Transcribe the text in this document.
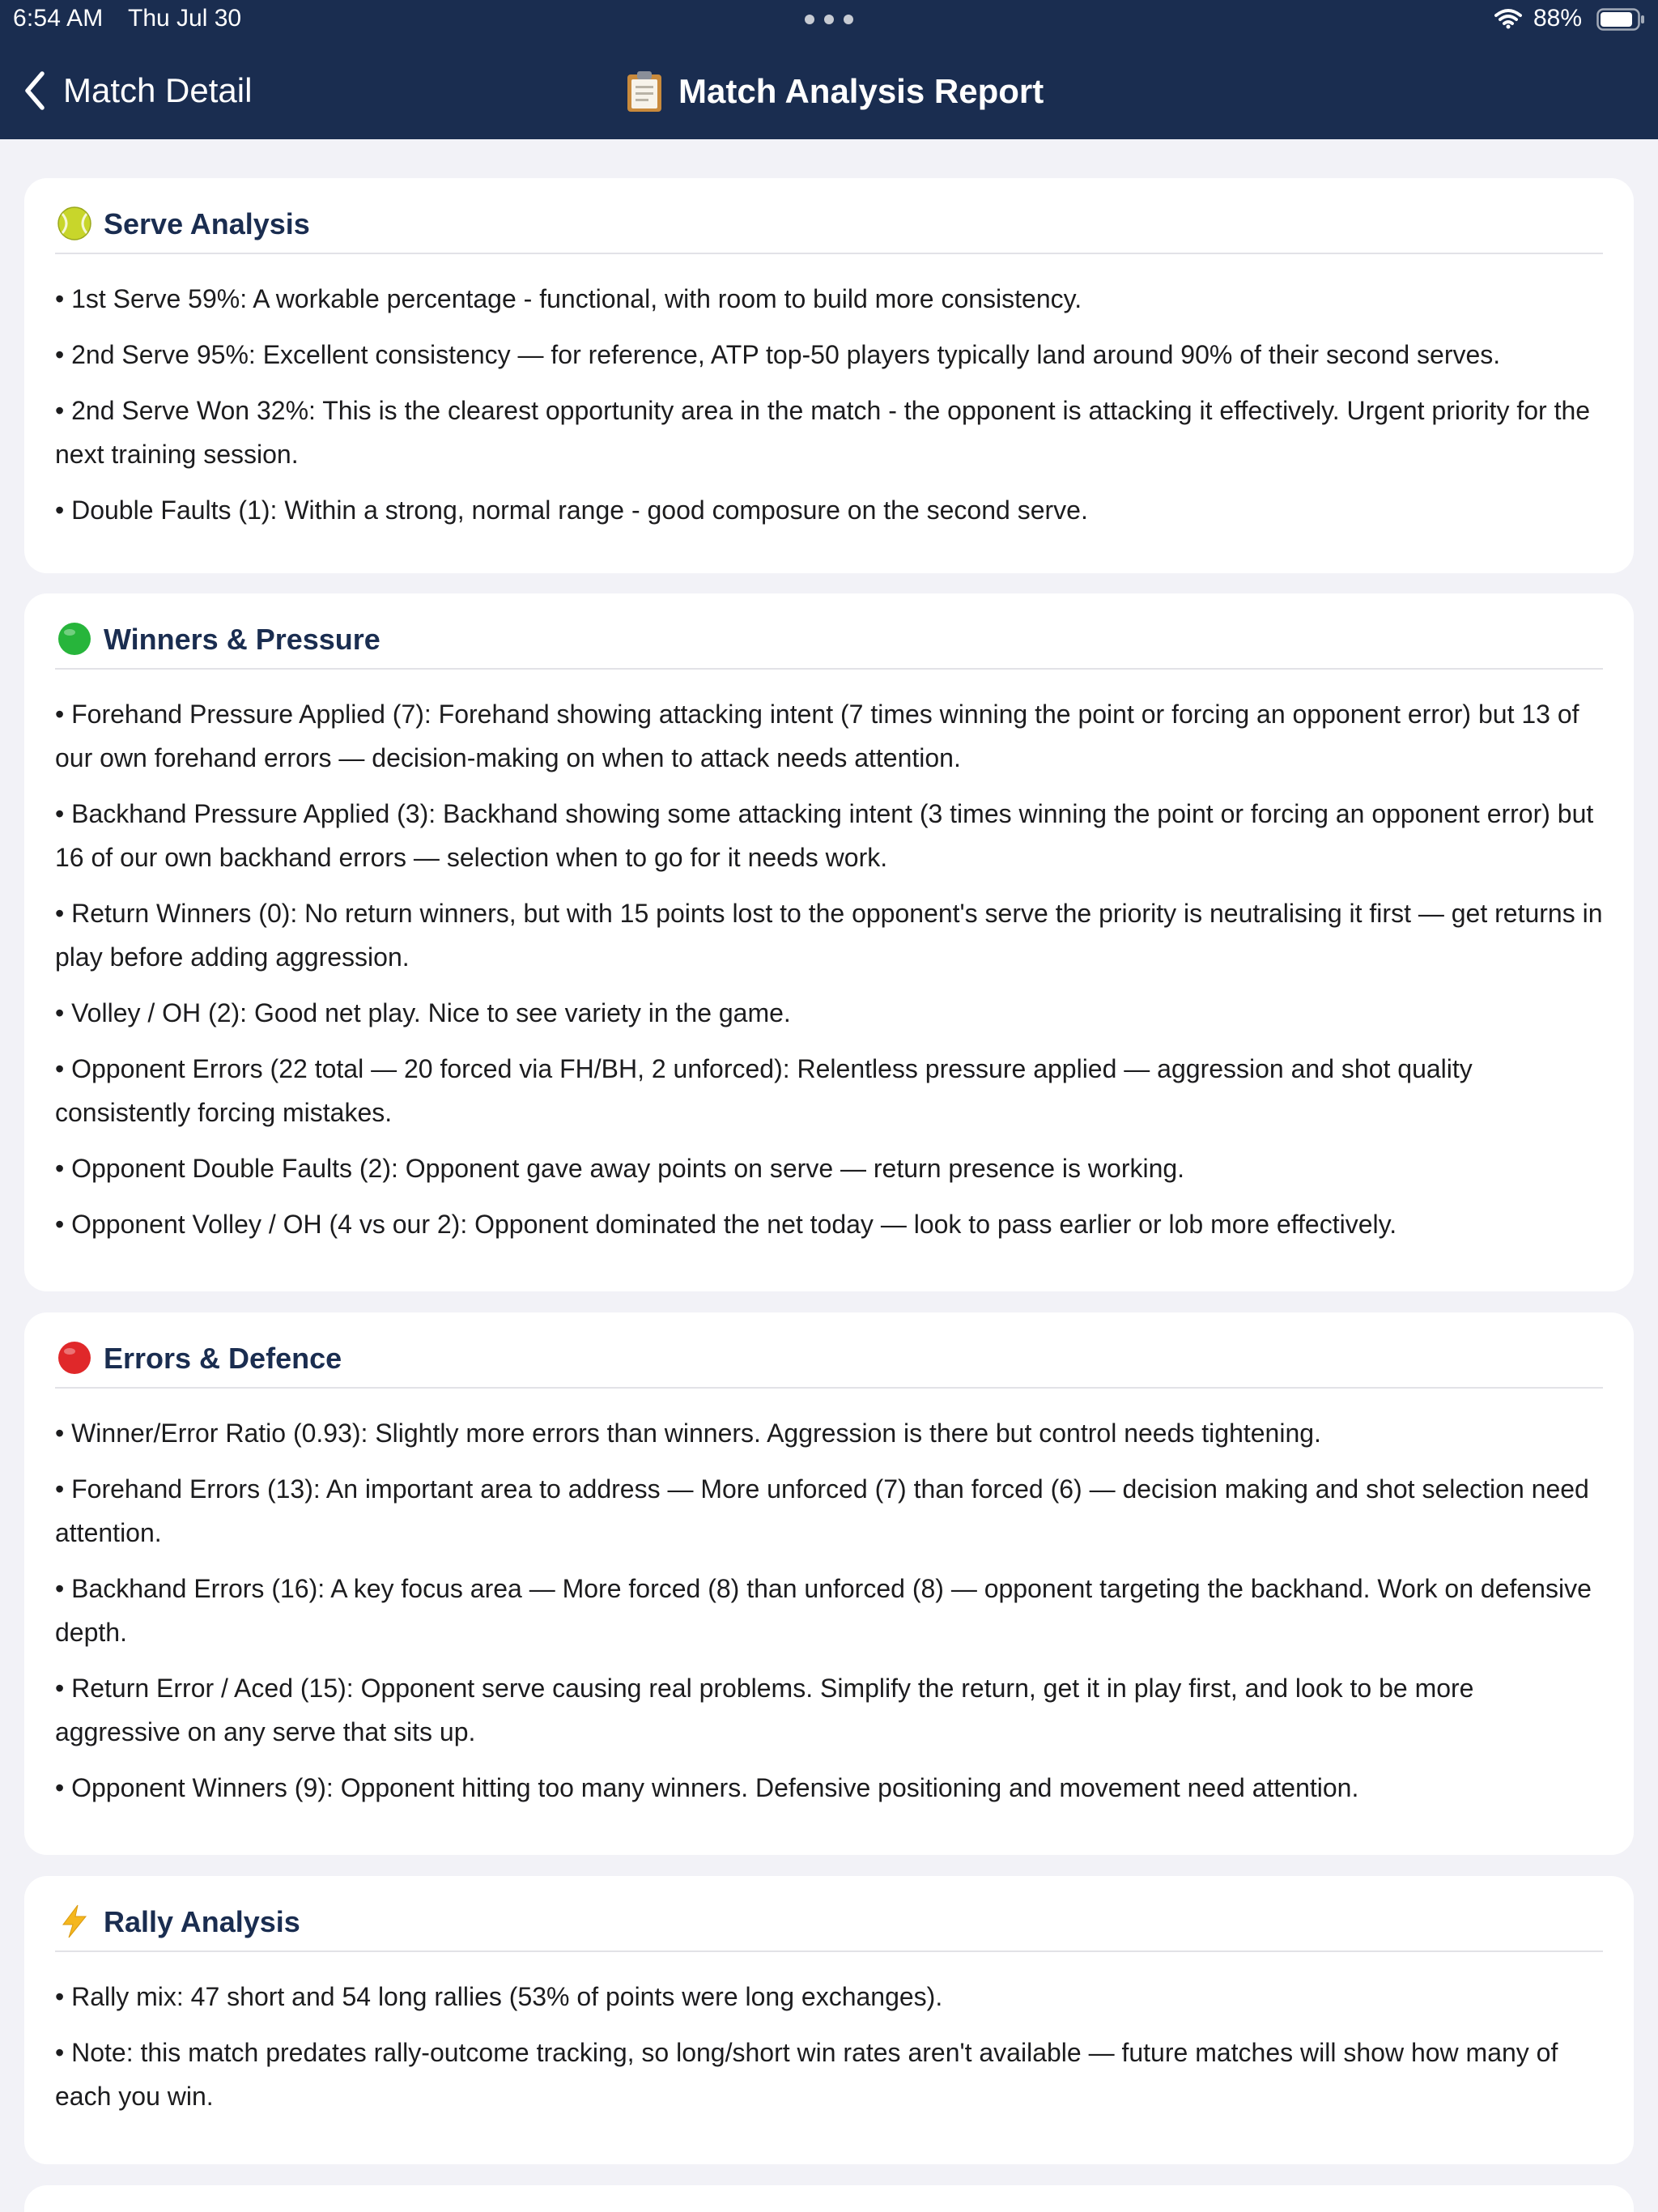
6:54 AM Thu Jul 30	88%
Match Detail	Match Analysis Report
Serve Analysis
• 1st Serve 59%: A workable percentage - functional, with room to build more consistency.
• 2nd Serve 95%: Excellent consistency — for reference, ATP top-50 players typically land around 90% of their second serves.
• 2nd Serve Won 32%: This is the clearest opportunity area in the match - the opponent is attacking it effectively. Urgent priority for the next training session.
• Double Faults (1): Within a strong, normal range - good composure on the second serve.
Winners & Pressure
• Forehand Pressure Applied (7): Forehand showing attacking intent (7 times winning the point or forcing an opponent error) but 13 of our own forehand errors — decision-making on when to attack needs attention.
• Backhand Pressure Applied (3): Backhand showing some attacking intent (3 times winning the point or forcing an opponent error) but 16 of our own backhand errors — selection when to go for it needs work.
• Return Winners (0): No return winners, but with 15 points lost to the opponent's serve the priority is neutralising it first — get returns in play before adding aggression.
• Volley / OH (2): Good net play. Nice to see variety in the game.
• Opponent Errors (22 total — 20 forced via FH/BH, 2 unforced): Relentless pressure applied — aggression and shot quality consistently forcing mistakes.
• Opponent Double Faults (2): Opponent gave away points on serve — return presence is working.
• Opponent Volley / OH (4 vs our 2): Opponent dominated the net today — look to pass earlier or lob more effectively.
Errors & Defence
• Winner/Error Ratio (0.93): Slightly more errors than winners. Aggression is there but control needs tightening.
• Forehand Errors (13): An important area to address — More unforced (7) than forced (6) — decision making and shot selection need attention.
• Backhand Errors (16): A key focus area — More forced (8) than unforced (8) — opponent targeting the backhand. Work on defensive depth.
• Return Error / Aced (15): Opponent serve causing real problems. Simplify the return, get it in play first, and look to be more aggressive on any serve that sits up.
• Opponent Winners (9): Opponent hitting too many winners. Defensive positioning and movement need attention.
Rally Analysis
• Rally mix: 47 short and 54 long rallies (53% of points were long exchanges).
• Note: this match predates rally-outcome tracking, so long/short win rates aren't available — future matches will show how many of each you win.
